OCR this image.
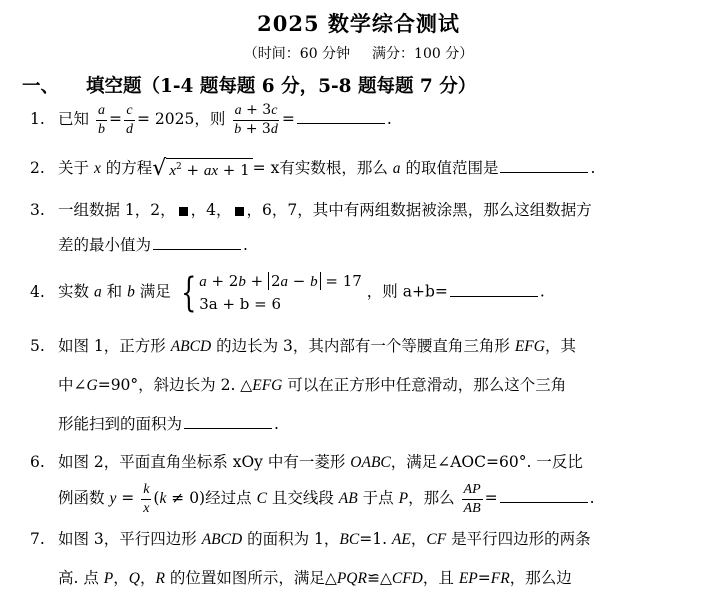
2025 数学综合测试
（时间：60 分钟 满分：100 分）
一、 填空题（1-4 题每题 6 分，5-8 题每题 7 分）
1. 已知 $\frac{a}{b} = \frac{c}{d} = 2025$，则 $\frac{a + 3c}{b + 3d}$ =	.
2. 关于 x 的方程 √ $x^2$ + ax + 1 = x有实数根，那么 a 的取值范围是	.
3. 一组数据 1，2， ，4， ，6，7，其中有两组数据被涂黑，那么这组数据方
差的最小值为	.
4. 实数 a 和 b 满足 { a + 2b + 2a − b = 17
3a + b = 6
，则 a+b=	.
5. 如图 1，正方形 ABCD 的边长为 3，其内部有一个等腰直角三角形 EFG，其
中∠G=90°，斜边长为 2. △EFG 可以在正方形中任意滑动，那么这个三角
形能扫到的面积为	.
6. 如图 2，平面直角坐标系 xOy 中有一菱形 OABC，满足∠AOC=60°. 一反比
例函数 $y = \frac{k}{x} (k \ne 0)$经过点 C 且交线段 AB 于点 P，那么 $\frac{AP}{AB}$ =	.
7. 如图 3，平行四边形 ABCD 的面积为 1，BC=1. AE，CF 是平行四边形的两条
高. 点 P，Q，R 的位置如图所示，满足△PQR≌△CFD，且 EP=FR，那么边
